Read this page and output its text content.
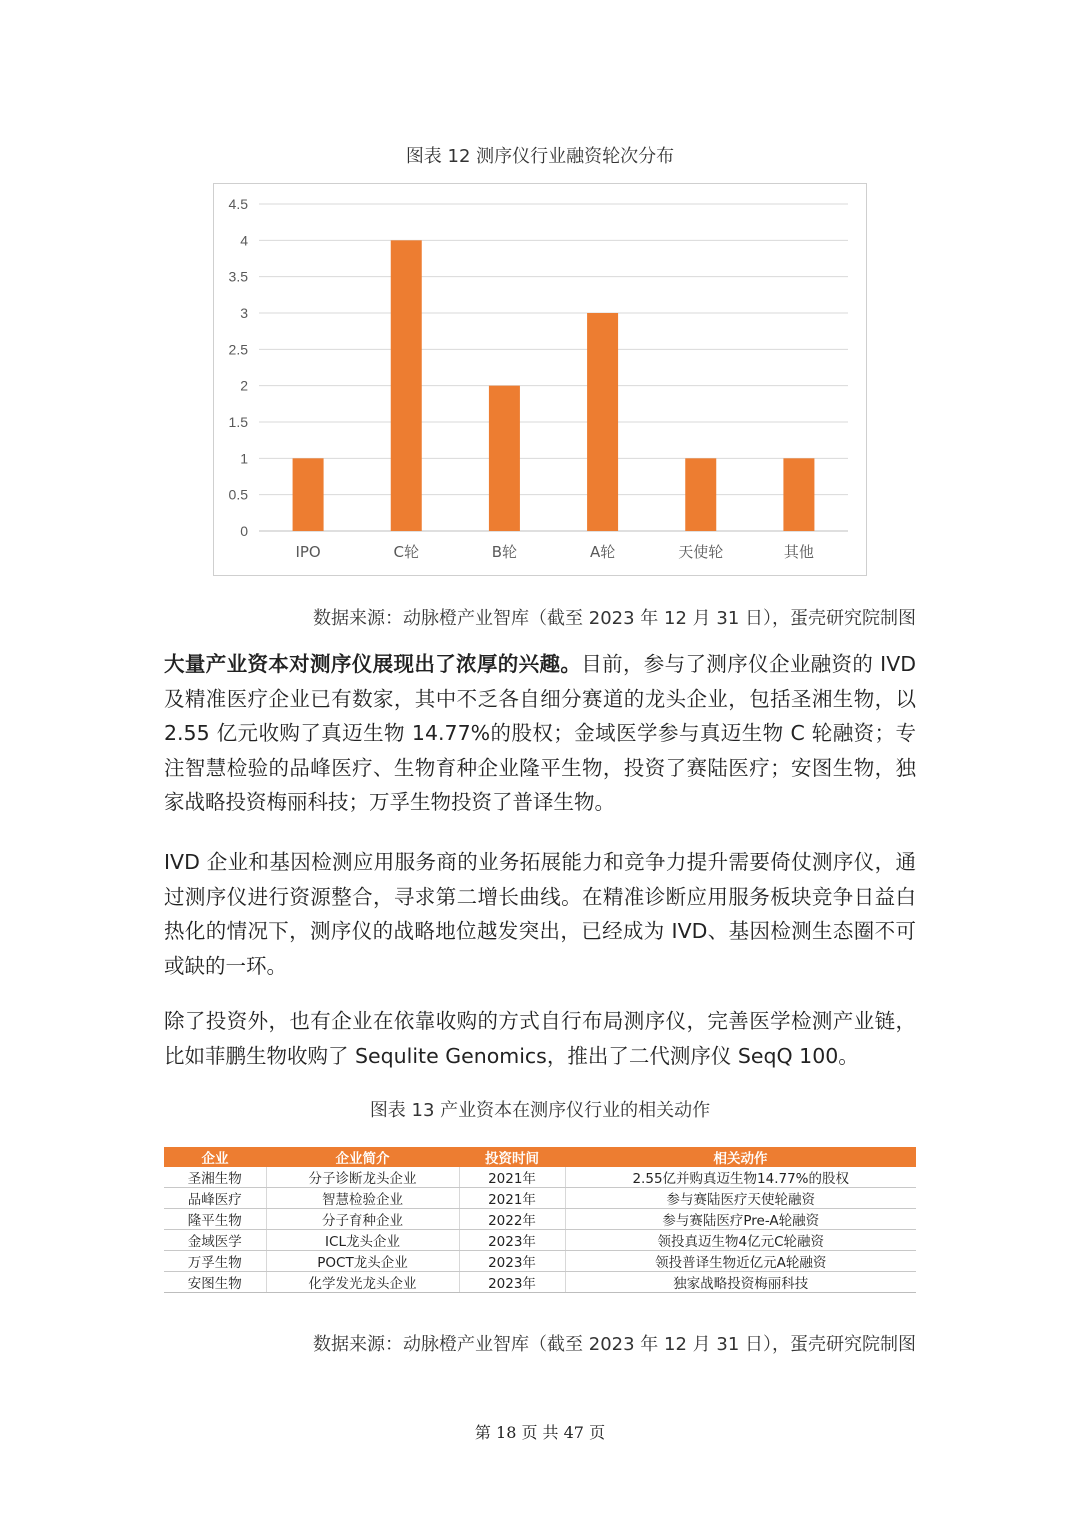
图表 12 测序仪行业融资轮次分布
0
0.5
1
1.5
2
2.5
3
3.5
4
4.5
IPO	C轮	B轮	A轮	天使轮	其他
数据来源：动脉橙产业智库（截至 2023 年 12 月 31 日），蛋壳研究院制图

大量产业资本对测序仪展现出了浓厚的兴趣。目前，参与了测序仪企业融资的 IVD 及精准医疗企业已有数家，其中不乏各自细分赛道的龙头企业，包括圣湘生物，以 2.55 亿元收购了真迈生物 14.77%的股权；金域医学参与真迈生物 C 轮融资；专注智慧检验的品峰医疗、生物育种企业隆平生物，投资了赛陆医疗；安图生物，独家战略投资梅丽科技；万孚生物投资了普译生物。

IVD 企业和基因检测应用服务商的业务拓展能力和竞争力提升需要倚仗测序仪，通过测序仪进行资源整合，寻求第二增长曲线。在精准诊断应用服务板块竞争日益白热化的情况下，测序仪的战略地位越发突出，已经成为 IVD、基因检测生态圈不可或缺的一环。

除了投资外，也有企业在依靠收购的方式自行布局测序仪，完善医学检测产业链，比如菲鹏生物收购了 Sequlite Genomics，推出了二代测序仪 SeqQ 100。

图表 13 产业资本在测序仪行业的相关动作
企业	企业简介	投资时间	相关动作
圣湘生物	分子诊断龙头企业	2021年	2.55亿并购真迈生物14.77%的股权
品峰医疗	智慧检验企业	2021年	参与赛陆医疗天使轮融资
隆平生物	分子育种企业	2022年	参与赛陆医疗Pre-A轮融资
金域医学	ICL龙头企业	2023年	领投真迈生物4亿元C轮融资
万孚生物	POCT龙头企业	2023年	领投普译生物近亿元A轮融资
安图生物	化学发光龙头企业	2023年	独家战略投资梅丽科技
数据来源：动脉橙产业智库（截至 2023 年 12 月 31 日），蛋壳研究院制图
第 18 页 共 47 页
